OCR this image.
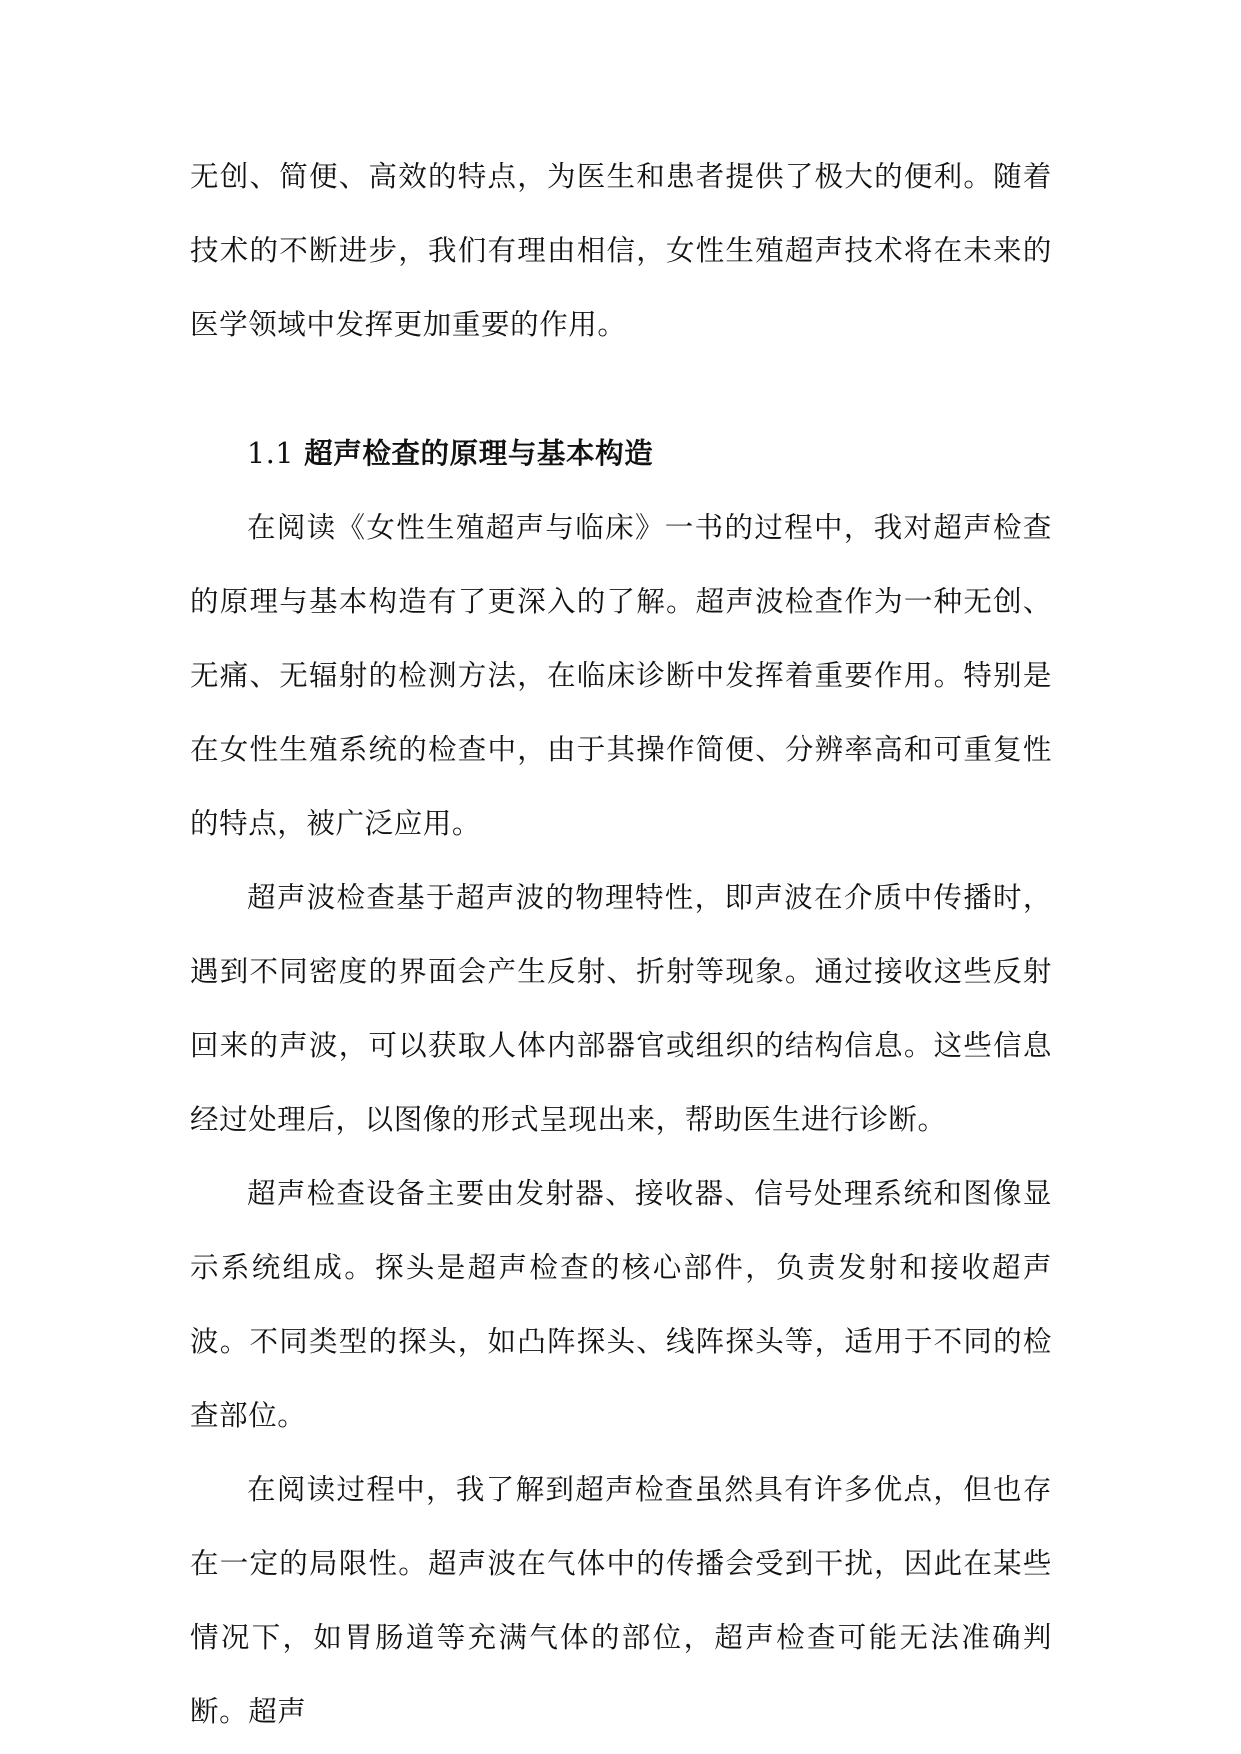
无创、简便、高效的特点，为医生和患者提供了极大的便利。随着技术的不断进步，我们有理由相信，女性生殖超声技术将在未来的医学领域中发挥更加重要的作用。

1.1 超声检查的原理与基本构造

在阅读《女性生殖超声与临床》一书的过程中，我对超声检查的原理与基本构造有了更深入的了解。超声波检查作为一种无创、无痛、无辐射的检测方法，在临床诊断中发挥着重要作用。特别是在女性生殖系统的检查中，由于其操作简便、分辨率高和可重复性的特点，被广泛应用。

超声波检查基于超声波的物理特性，即声波在介质中传播时，遇到不同密度的界面会产生反射、折射等现象。通过接收这些反射回来的声波，可以获取人体内部器官或组织的结构信息。这些信息经过处理后，以图像的形式呈现出来，帮助医生进行诊断。

超声检查设备主要由发射器、接收器、信号处理系统和图像显示系统组成。探头是超声检查的核心部件，负责发射和接收超声波。不同类型的探头，如凸阵探头、线阵探头等，适用于不同的检查部位。

在阅读过程中，我了解到超声检查虽然具有许多优点，但也存在一定的局限性。超声波在气体中的传播会受到干扰，因此在某些情况下，如胃肠道等充满气体的部位，超声检查可能无法准确判断。超声
